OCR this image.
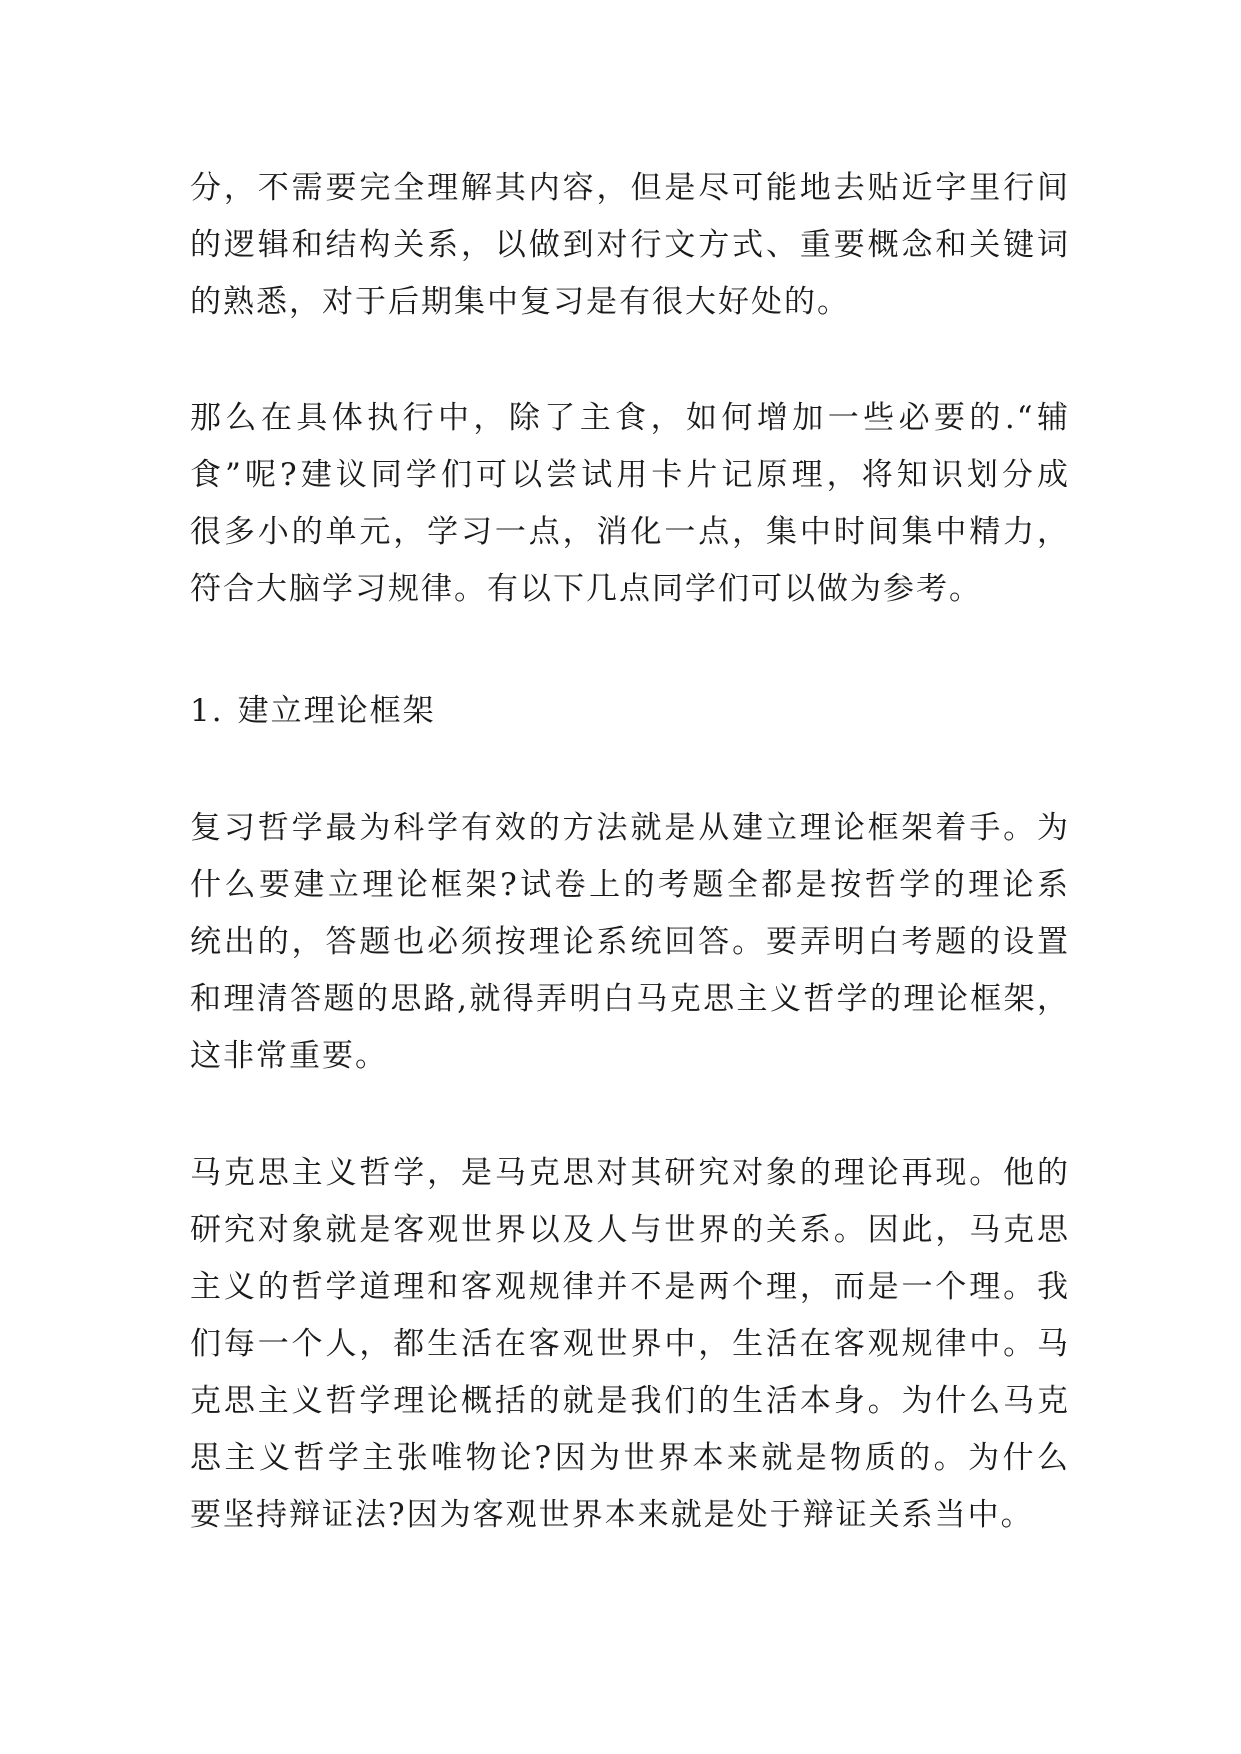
分，不需要完全理解其内容，但是尽可能地去贴近字里行间
的逻辑和结构关系，以做到对行文方式、重要概念和关键词
的熟悉，对于后期集中复习是有很大好处的。
那么在具体执行中，除了主食，如何增加一些必要的.“辅
食”呢?建议同学们可以尝试用卡片记原理，将知识划分成
很多小的单元，学习一点，消化一点，集中时间集中精力，
符合大脑学习规律。有以下几点同学们可以做为参考。
1. 建立理论框架
复习哲学最为科学有效的方法就是从建立理论框架着手。为
什么要建立理论框架?试卷上的考题全都是按哲学的理论系
统出的，答题也必须按理论系统回答。要弄明白考题的设置
和理清答题的思路,就得弄明白马克思主义哲学的理论框架，
这非常重要。
马克思主义哲学，是马克思对其研究对象的理论再现。他的
研究对象就是客观世界以及人与世界的关系。因此，马克思
主义的哲学道理和客观规律并不是两个理，而是一个理。我
们每一个人，都生活在客观世界中，生活在客观规律中。马
克思主义哲学理论概括的就是我们的生活本身。为什么马克
思主义哲学主张唯物论?因为世界本来就是物质的。为什么
要坚持辩证法?因为客观世界本来就是处于辩证关系当中。
